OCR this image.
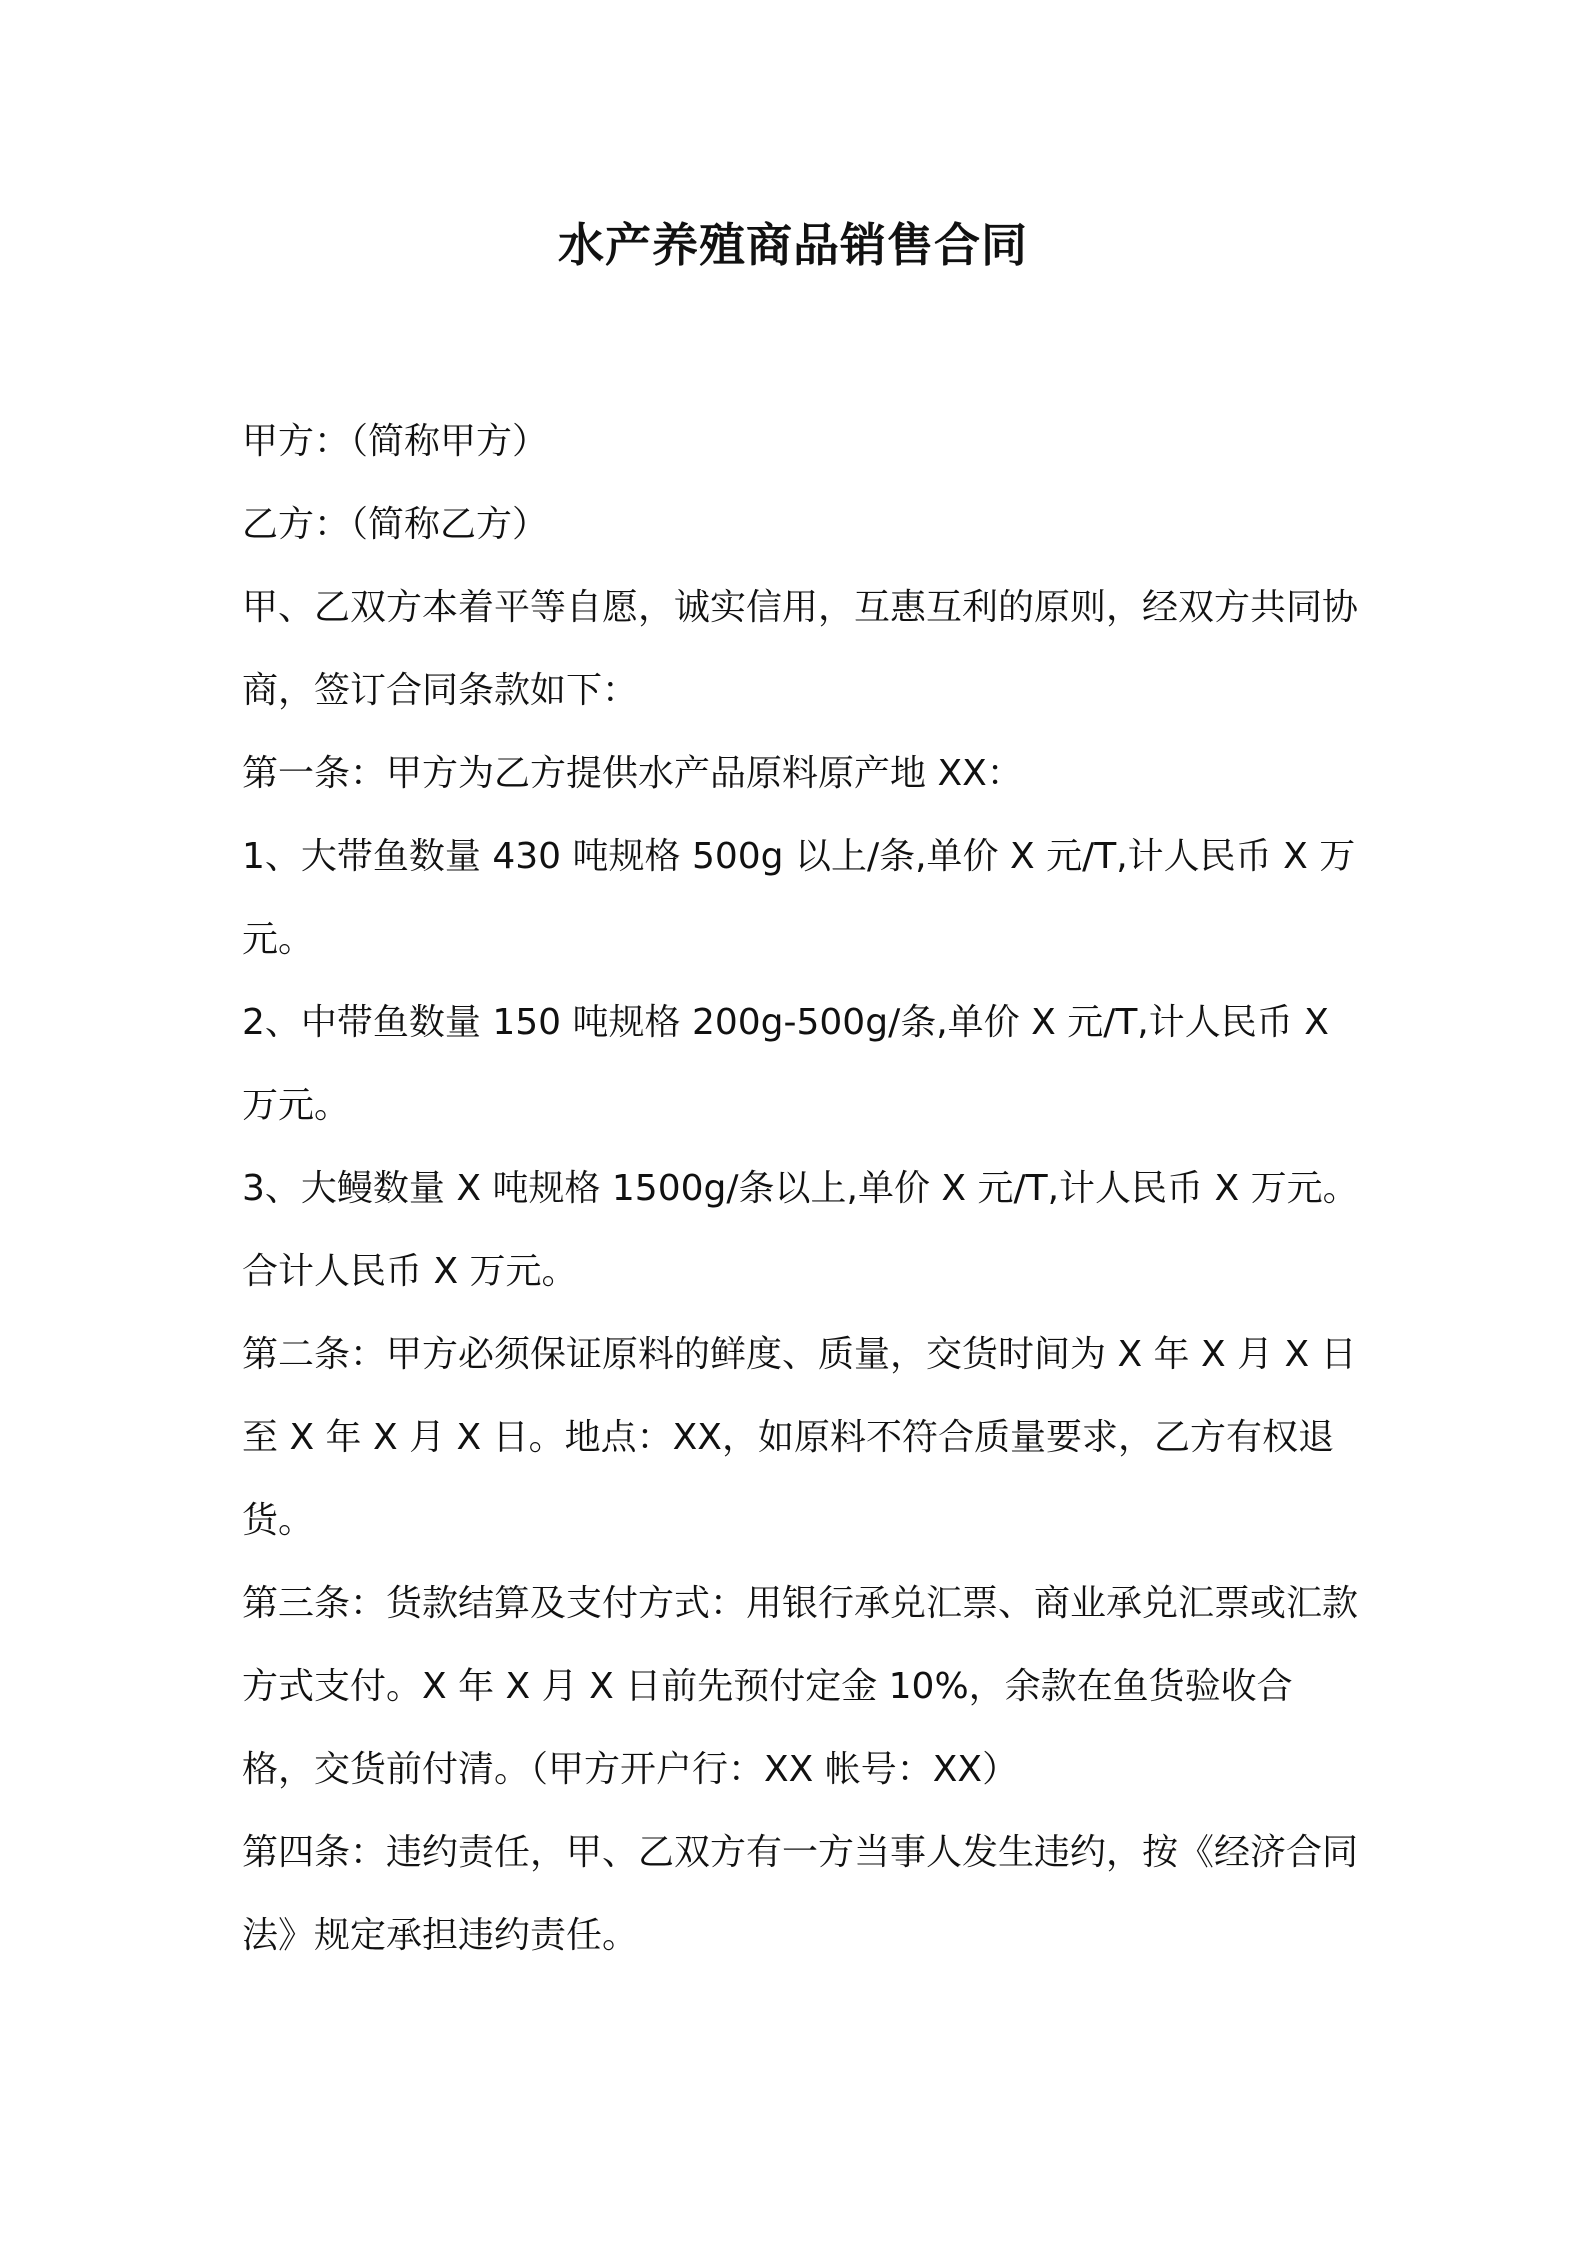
水产养殖商品销售合同

甲方：（简称甲方）

乙方：（简称乙方）

甲、乙双方本着平等自愿，诚实信用，互惠互利的原则，经双方共同协商，签订合同条款如下：

第一条：甲方为乙方提供水产品原料原产地 XX：

1、大带鱼数量 430 吨规格 500g 以上/条,单价 X 元/T,计人民币 X 万元。

2、中带鱼数量 150 吨规格 200g-500g/条,单价 X 元/T,计人民币 X 万元。

3、大鳗数量 X 吨规格 1500g/条以上,单价 X 元/T,计人民币 X 万元。

合计人民币 X 万元。

第二条：甲方必须保证原料的鲜度、质量，交货时间为 X 年 X 月 X 日至 X 年 X 月 X 日。地点：XX，如原料不符合质量要求，乙方有权退货。

第三条：货款结算及支付方式：用银行承兑汇票、商业承兑汇票或汇款方式支付。X 年 X 月 X 日前先预付定金 10%，余款在鱼货验收合格，交货前付清。（甲方开户行：XX 帐号：XX）

第四条：违约责任，甲、乙双方有一方当事人发生违约，按《经济合同法》规定承担违约责任。
